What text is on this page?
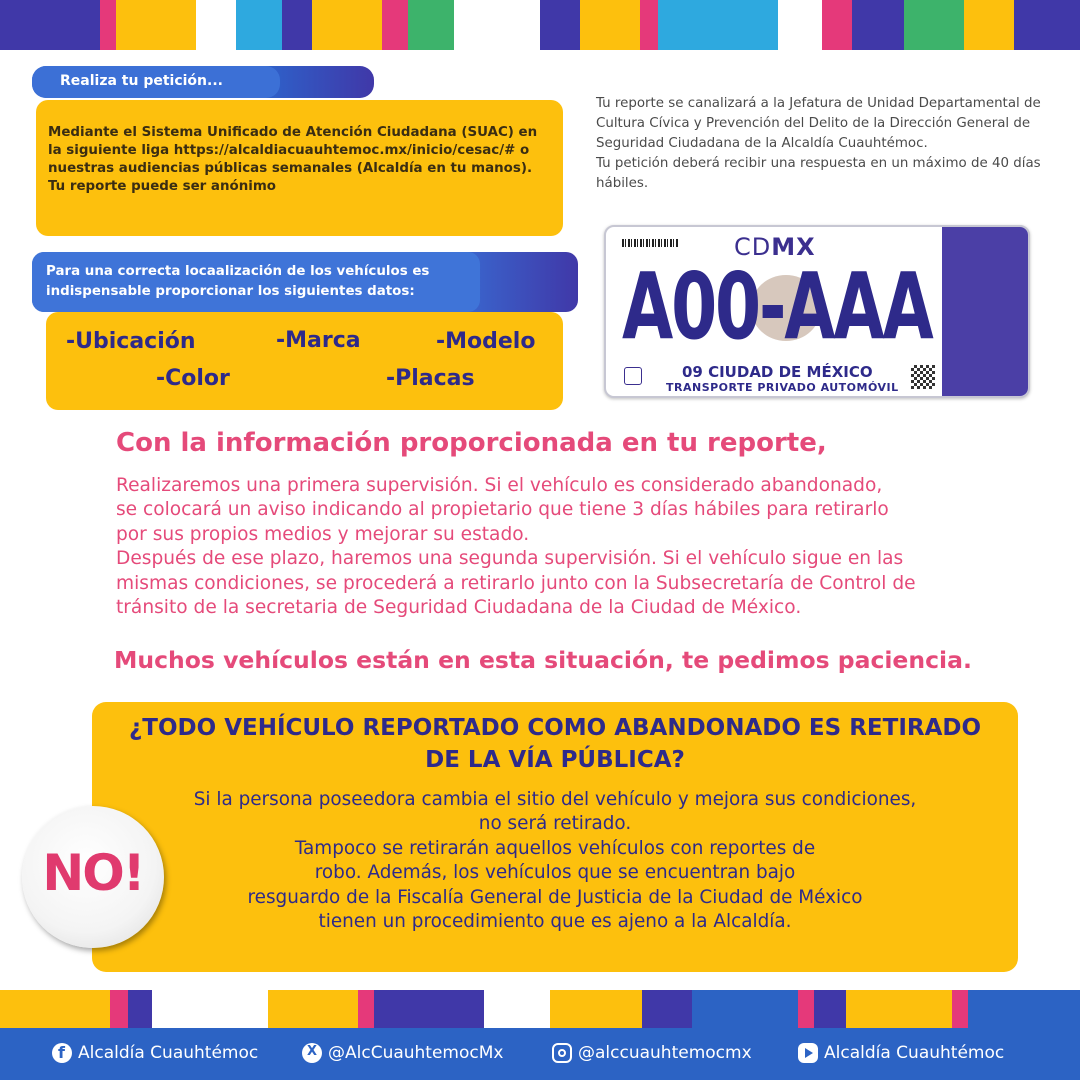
Realiza tu petición...
Mediante el Sistema Unificado de Atención Ciudadana (SUAC) en la siguiente liga https://alcaldiacuauhtemoc.mx/inicio/cesac/# o nuestras audiencias públicas semanales (Alcaldía en tu manos). Tu reporte puede ser anónimo
Para una correcta locaalización de los vehículos es indispensable proporcionar los siguientes datos:
-Ubicación	-Marca	-Modelo
-Color	-Placas

Tu reporte se canalizará a la Jefatura de Unidad Departamental de Cultura Cívica y Prevención del Delito de la Dirección General de Seguridad Ciudadana de la Alcaldía Cuauhtémoc.

Tu petición deberá recibir una respuesta en un máximo de 40 días hábiles.

CDMX
A00-AAA
09 CIUDAD DE MÉXICO
TRANSPORTE PRIVADO AUTOMÓVIL
Con la información proporcionada en tu reporte,

Realizaremos una primera supervisión. Si el vehículo es considerado abandonado,

se colocará un aviso indicando al propietario que tiene 3 días hábiles para retirarlo

por sus propios medios y mejorar su estado.

Después de ese plazo, haremos una segunda supervisión. Si el vehículo sigue en las

mismas condiciones, se procederá a retirarlo junto con la Subsecretaría de Control de

tránsito de la secretaria de Seguridad Ciudadana de la Ciudad de México.

Muchos vehículos están en esta situación, te pedimos paciencia.
¿TODO VEHÍCULO REPORTADO COMO ABANDONADO ES RETIRADO
DE LA VÍA PÚBLICA?
Si la persona poseedora cambia el sitio del vehículo y mejora sus condiciones,
no será retirado.
Tampoco se retirarán aquellos vehículos con reportes de
robo. Además, los vehículos que se encuentran bajo
resguardo de la Fiscalía General de Justicia de la Ciudad de México
tienen un procedimiento que es ajeno a la Alcaldía.
NO!
f
Alcaldía Cuauhtémoc
X	@AlcCuauhtemocMx	@alccuauhtemocmx	Alcaldía Cuauhtémoc
